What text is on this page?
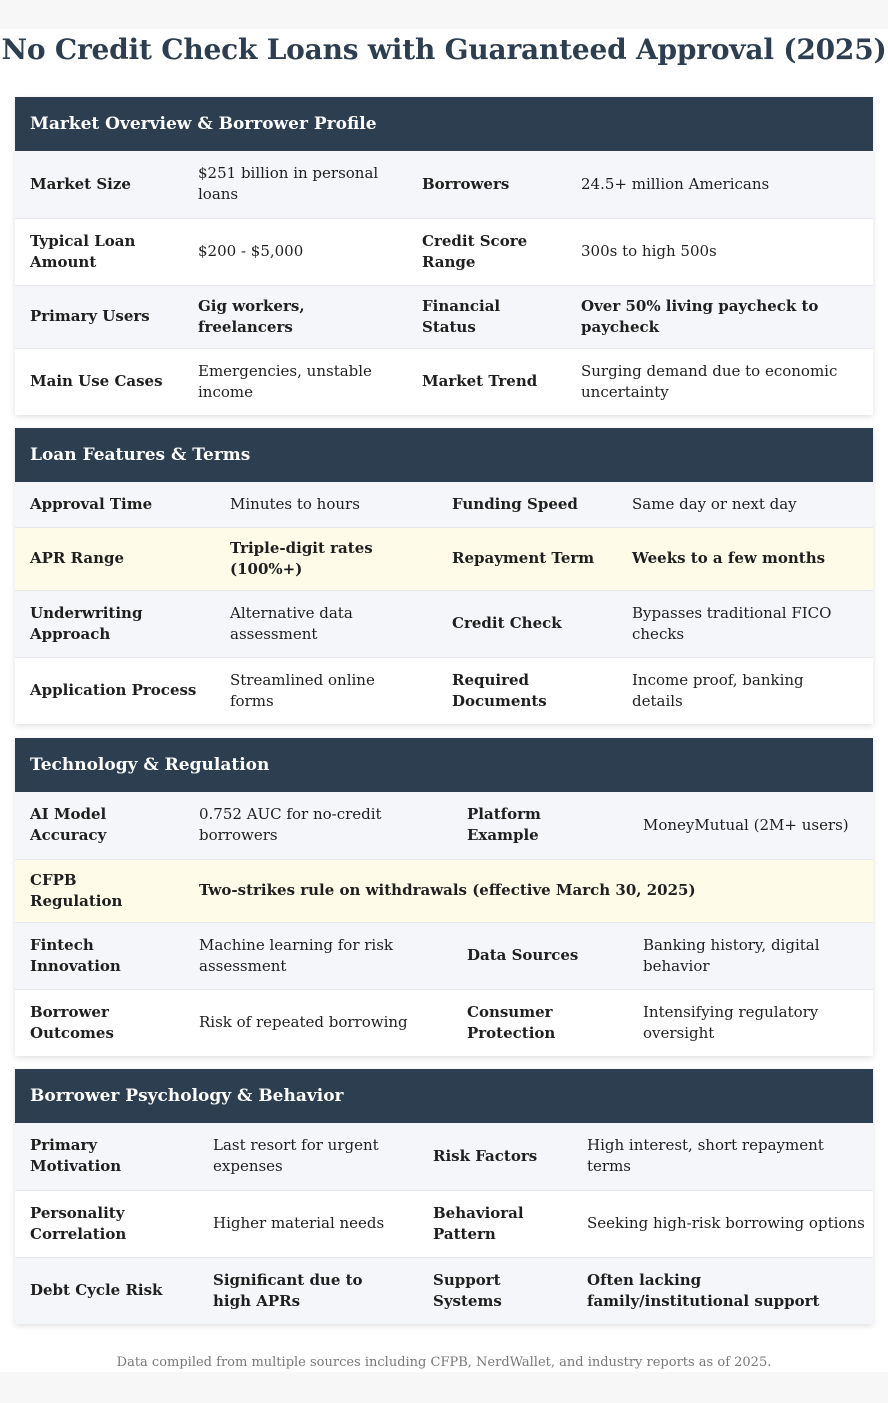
No Credit Check Loans with Guaranteed Approval (2025)
Market Overview & Borrower Profile
Market Size	$251 billion in personal loans	Borrowers	24.5+ million Americans
Typical Loan Amount	$200 - $5,000	Credit Score Range	300s to high 500s
Primary Users	Gig workers, freelancers	Financial Status	Over 50% living paycheck to paycheck
Main Use Cases	Emergencies, unstable income	Market Trend	Surging demand due to economic uncertainty
Loan Features & Terms
Approval Time	Minutes to hours	Funding Speed	Same day or next day
APR Range	Triple-digit rates (100%+)	Repayment Term	Weeks to a few months
Underwriting Approach	Alternative data assessment	Credit Check	Bypasses traditional FICO checks
Application Process	Streamlined online forms	Required Documents	Income proof, banking details
Technology & Regulation
AI Model Accuracy	0.752 AUC for no-credit borrowers	Platform Example	MoneyMutual (2M+ users)
CFPB Regulation	Two-strikes rule on withdrawals (effective March 30, 2025)		
Fintech Innovation	Machine learning for risk assessment	Data Sources	Banking history, digital behavior
Borrower Outcomes	Risk of repeated borrowing	Consumer Protection	Intensifying regulatory oversight
Borrower Psychology & Behavior
Primary Motivation	Last resort for urgent expenses	Risk Factors	High interest, short repayment terms
Personality Correlation	Higher material needs	Behavioral Pattern	Seeking high-risk borrowing options
Debt Cycle Risk	Significant due to high APRs	Support Systems	Often lacking family/institutional support
Data compiled from multiple sources including CFPB, NerdWallet, and industry reports as of 2025.
